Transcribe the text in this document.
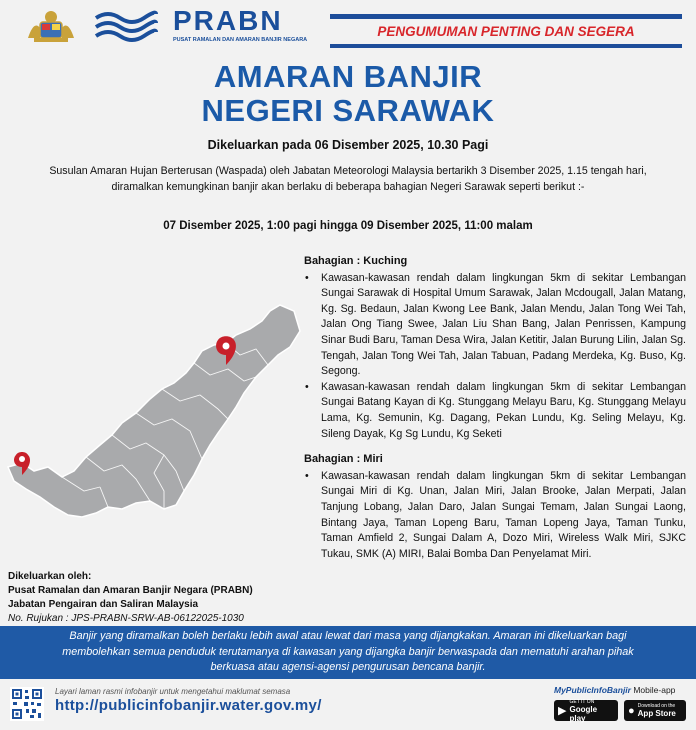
PRABN
PUSAT RAMALAN DAN AMARAN BANJIR NEGARA
PENGUMUMAN PENTING DAN SEGERA
AMARAN BANJIR
NEGERI SARAWAK
Dikeluarkan pada 06 Disember 2025, 10.30 Pagi
Susulan Amaran Hujan Berterusan (Waspada) oleh Jabatan Meteorologi Malaysia bertarikh 3 Disember 2025, 1.15 tengah hari,
diramalkan kemungkinan banjir akan berlaku di beberapa bahagian Negeri Sarawak seperti berikut :-
07 Disember 2025, 1:00 pagi hingga 09 Disember 2025, 11:00 malam
Bahagian : Kuching
• Kawasan-kawasan rendah dalam lingkungan 5km di sekitar Lembangan Sungai Sarawak di Hospital Umum Sarawak, Jalan Mcdougall, Jalan Matang, Kg. Sg. Bedaun, Jalan Kwong Lee Bank, Jalan Mendu, Jalan Tong Wei Tah, Jalan Ong Tiang Swee, Jalan Liu Shan Bang, Jalan Penrissen, Kampung Sinar Budi Baru, Taman Desa Wira, Jalan Ketitir, Jalan Burung Lilin, Jalan Sg. Tengah, Jalan Tong Wei Tah, Jalan Tabuan, Padang Merdeka, Kg. Buso, Kg. Segong.
• Kawasan-kawasan rendah dalam lingkungan 5km di sekitar Lembangan Sungai Batang Kayan di Kg. Stunggang Melayu Baru, Kg. Stunggang Melayu Lama, Kg. Semunin, Kg. Dagang, Pekan Lundu, Kg. Seling Melayu, Kg. Sileng Dayak, Kg Sg Lundu, Kg Seketi
Bahagian : Miri
• Kawasan-kawasan rendah dalam lingkungan 5km di sekitar Lembangan Sungai Miri di Kg. Unan, Jalan Miri, Jalan Brooke, Jalan Merpati, Jalan Tanjung Lobang, Jalan Daro, Jalan Sungai Temam, Jalan Sungai Laong, Bintang Jaya, Taman Lopeng Baru, Taman Lopeng Jaya, Taman Tunku, Taman Amfield 2, Sungai Dalam A, Dozo Miri, Wireless Walk Miri, SJKC Tukau, SMK (A) MIRI, Balai Bomba Dan Penyelamat Miri.
Dikeluarkan oleh:
Pusat Ramalan dan Amaran Banjir Negara (PRABN)
Jabatan Pengairan dan Saliran Malaysia
No. Rujukan : JPS-PRABN-SRW-AB-06122025-1030
Banjir yang diramalkan boleh berlaku lebih awal atau lewat dari masa yang dijangkakan. Amaran ini dikeluarkan bagi
membolehkan semua penduduk terutamanya di kawasan yang dijangka banjir berwaspada dan mematuhi arahan pihak
berkuasa atau agensi-agensi pengurusan bencana banjir.
Layari laman rasmi infobanjir untuk mengetahui maklumat semasa
http://publicinfobanjir.water.gov.my/
MyPublicInfoBanjir Mobile-app
▶
GET IT ON
Google play
● Download on the
App Store
